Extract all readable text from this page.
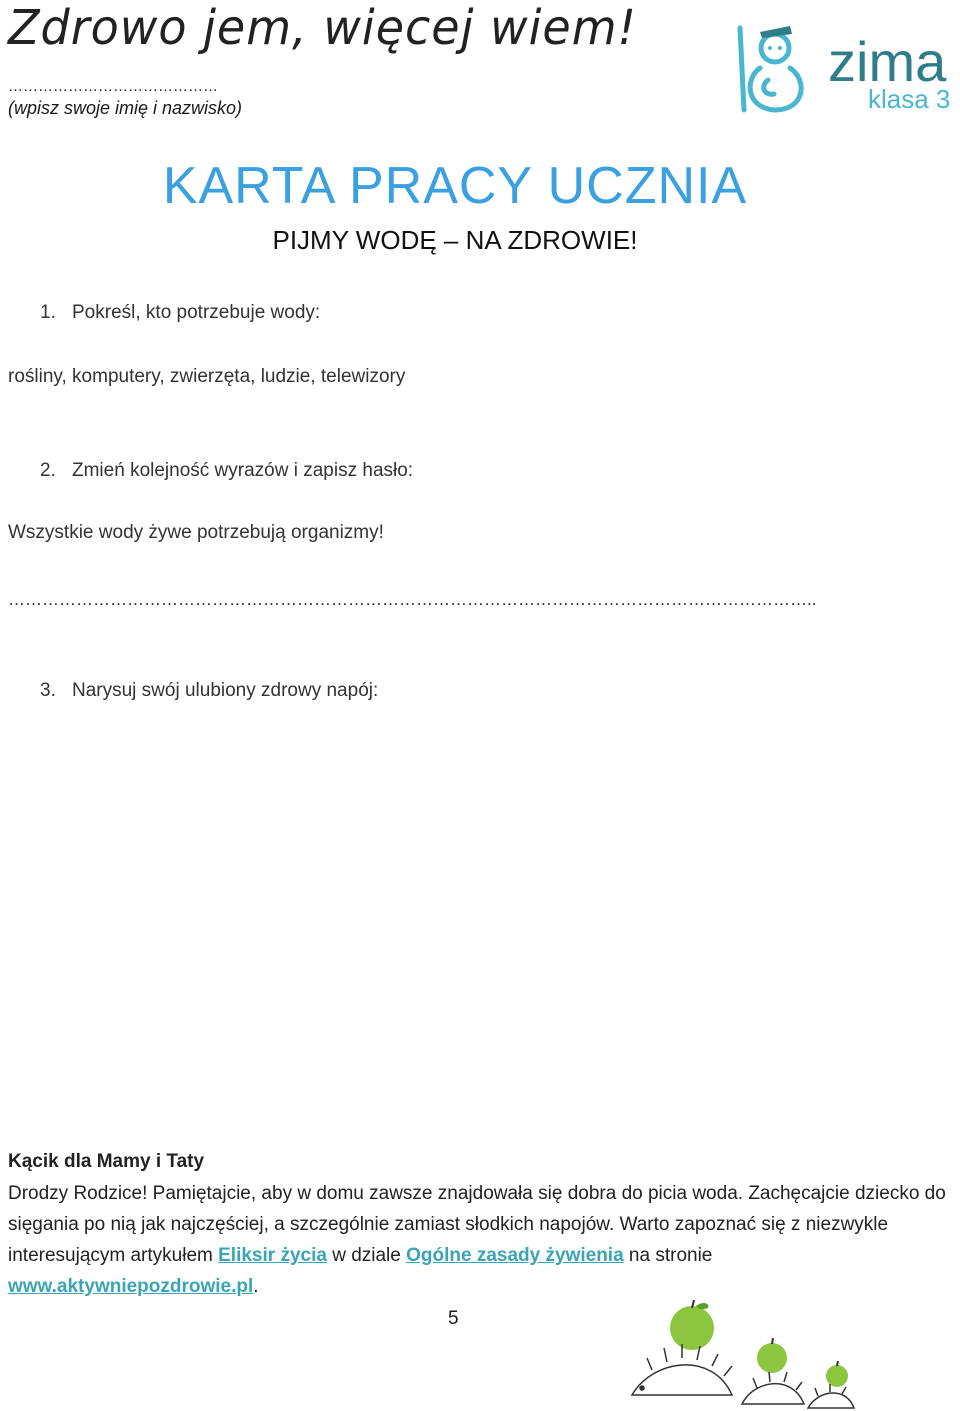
Zdrowo jem, więcej wiem!
……………………………………
(wpisz swoje imię i nazwisko)
zima
klasa 3
KARTA PRACY UCZNIA
PIJMY WODĘ – NA ZDROWIE!
1. Pokreśl, kto potrzebuje wody:
rośliny, komputery, zwierzęta, ludzie, telewizory
2. Zmień kolejność wyrazów i zapisz hasło:
Wszystkie wody żywe potrzebują organizmy!
……………………………………………………………………………………………………………………………..
3. Narysuj swój ulubiony zdrowy napój:
Kącik dla Mamy i Taty
Drodzy Rodzice! Pamiętajcie, aby w domu zawsze znajdowała się dobra do picia woda. Zachęcajcie dziecko do sięgania po nią jak najczęściej, a szczególnie zamiast słodkich napojów. Warto zapoznać się z niezwykle interesującym artykułem Eliksir życia w dziale Ogólne zasady żywienia na stronie www.aktywniepozdrowie.pl.
5
